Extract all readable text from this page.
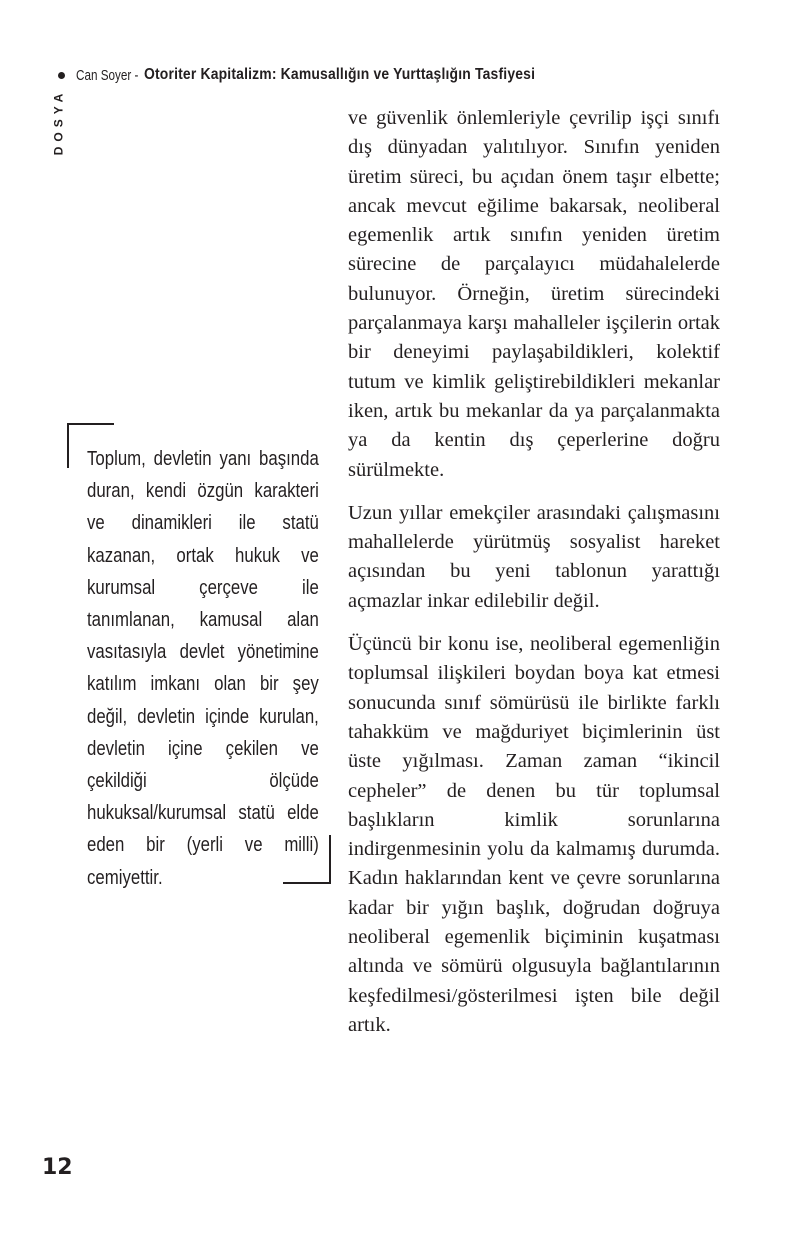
Can Soyer - Otoriter Kapitalizm: Kamusallığın ve Yurttaşlığın Tasfiyesi
DOSYA	ve güvenlik önlemleriyle çevrilip işçi sınıfı dış dünyadan yalıtılıyor. Sınıfın yeniden üretim süreci, bu açıdan önem taşır elbette; ancak mevcut eğilime bakarsak, neoliberal egemenlik artık sınıfın yeniden üretim sürecine de parçalayıcı müdahalelerde bulunuyor. Örneğin, üretim sürecindeki parçalanmaya karşı mahalleler işçilerin ortak bir deneyimi paylaşabildikleri, kolektif tutum ve kimlik geliştirebildikleri mekanlar iken, artık bu mekanlar da ya parçalanmakta ya da kentin dış çeperlerine doğru sürülmekte.

Uzun yıllar emekçiler arasındaki çalışmasını mahallelerde yürütmüş sosyalist hareket açısından bu yeni tablonun yarattığı açmazlar inkar edilebilir değil.

Üçüncü bir konu ise, neoliberal egemenliğin toplumsal ilişkileri boydan boya kat etmesi sonucunda sınıf sömürüsü ile birlikte farklı tahakküm ve mağduriyet biçimlerinin üst üste yığılması. Zaman zaman “ikincil cepheler” de denen bu tür toplumsal başlıkların kimlik sorunlarına indirgenmesinin yolu da kalmamış durumda. Kadın haklarından kent ve çevre sorunlarına kadar bir yığın başlık, doğrudan doğruya neoliberal egemenlik biçiminin kuşatması altında ve sömürü olgusuyla bağlantılarının keşfedilmesi/gösterilmesi işten bile değil artık.

Toplum, devletin yanı başında duran, kendi özgün karakteri ve dinamikleri ile statü kazanan, ortak hukuk ve kurumsal çerçeve ile tanımlanan, kamusal alan vasıtasıyla devlet yönetimine katılım imkanı olan bir şey değil, devletin içinde kurulan, devletin içine çekilen ve çekildiği ölçüde hukuksal/kurumsal statü elde eden bir (yerli ve milli) cemiyettir.
12
